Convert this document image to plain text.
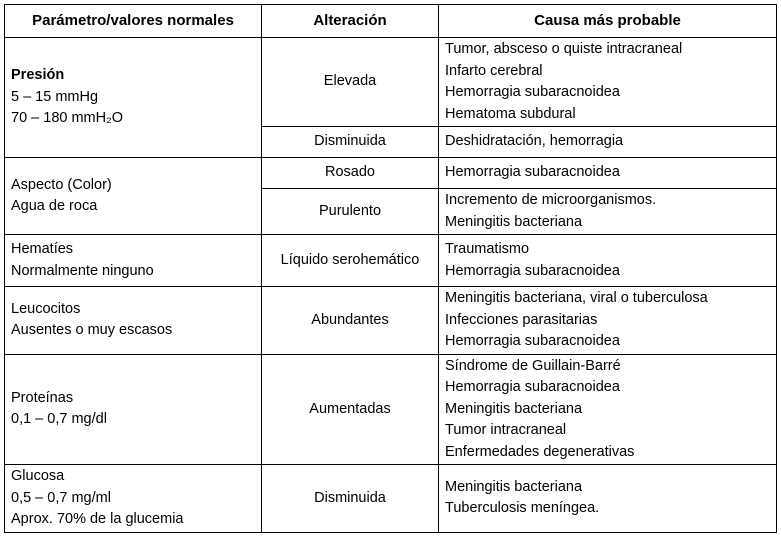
Parámetro/valores normales	Alteración	Causa más probable

Presión
5 – 15 mmHg
70 – 180 mmH₂O	Elevada	Tumor, absceso o quiste intracraneal
Infarto cerebral
Hemorragia subaracnoidea
Hematoma subdural

	Disminuida	Deshidratación, hemorragia

Aspecto (Color)
Agua de roca	Rosado	Hemorragia subaracnoidea

	Purulento	Incremento de microorganismos.
Meningitis bacteriana

Hematíes
Normalmente ninguno	Líquido serohemático	Traumatismo
Hemorragia subaracnoidea

Leucocitos
Ausentes o muy escasos	Abundantes	Meningitis bacteriana, viral o tuberculosa
Infecciones parasitarias
Hemorragia subaracnoidea

Proteínas
0,1 – 0,7 mg/dl	Aumentadas	Síndrome de Guillain-Barré
Hemorragia subaracnoidea
Meningitis bacteriana
Tumor intracraneal
Enfermedades degenerativas

Glucosa
0,5 – 0,7 mg/ml
Aprox. 70% de la glucemia	Disminuida	Meningitis bacteriana
Tuberculosis meníngea.
